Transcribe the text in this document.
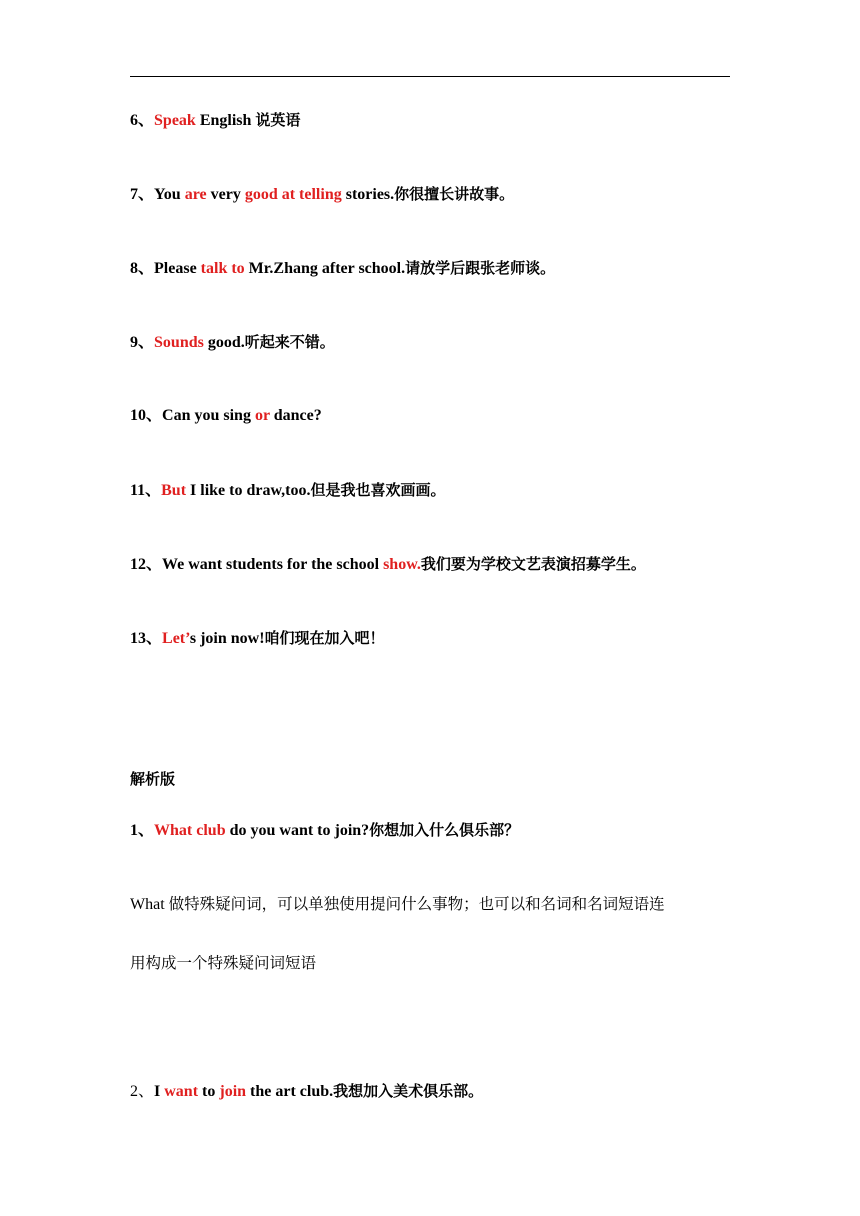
6、Speak English 说英语
7、You are very good at telling stories.你很擅长讲故事。
8、Please talk to Mr.Zhang after school.请放学后跟张老师谈。
9、Sounds good.听起来不错。
10、Can you sing or dance?
11、But I like to draw,too.但是我也喜欢画画。
12、We want students for the school show.我们要为学校文艺表演招募学生。
13、Let’s join now!咱们现在加入吧！
解析版
1、What club do you want to join?你想加入什么俱乐部？
What 做特殊疑问词，可以单独使用提问什么事物；也可以和名词和名词短语连
用构成一个特殊疑问词短语
2、I want to join the art club.我想加入美术俱乐部。
